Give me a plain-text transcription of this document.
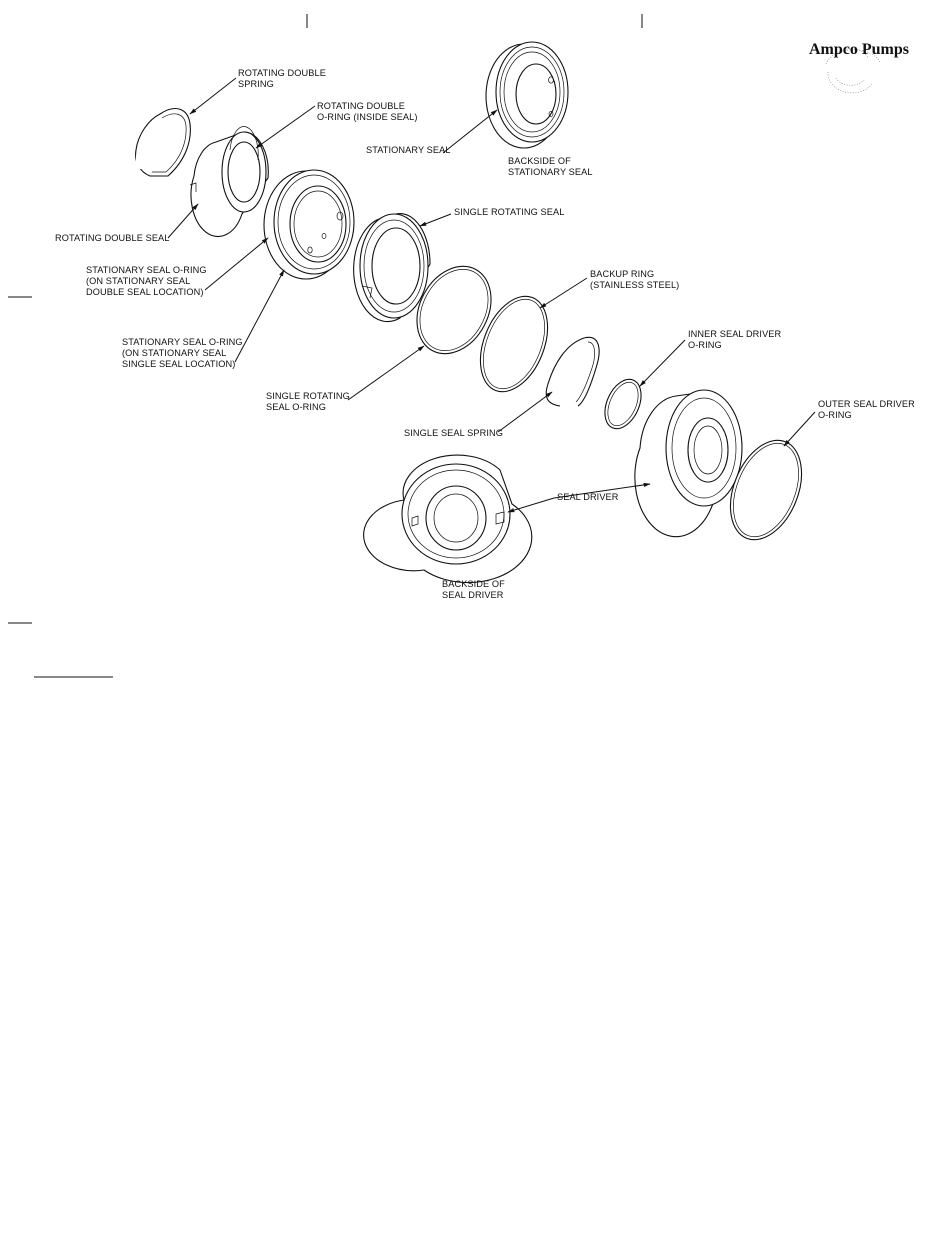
Ampco Pumps
ROTATING DOUBLE SPRING
ROTATING DOUBLE O-RING (INSIDE SEAL)
STATIONARY SEAL
BACKSIDE OF STATIONARY SEAL
ROTATING DOUBLE SEAL
SINGLE ROTATING SEAL
STATIONARY SEAL O-RING (ON STATIONARY SEAL DOUBLE SEAL LOCATION)
BACKUP RING (STAINLESS STEEL)
STATIONARY SEAL O-RING (ON STATIONARY SEAL SINGLE SEAL LOCATION)
INNER SEAL DRIVER O-RING
SINGLE ROTATING SEAL O-RING	OUTER SEAL DRIVER O-RING
SINGLE SEAL SPRING
SEAL DRIVER
BACKSIDE OF SEAL DRIVER
